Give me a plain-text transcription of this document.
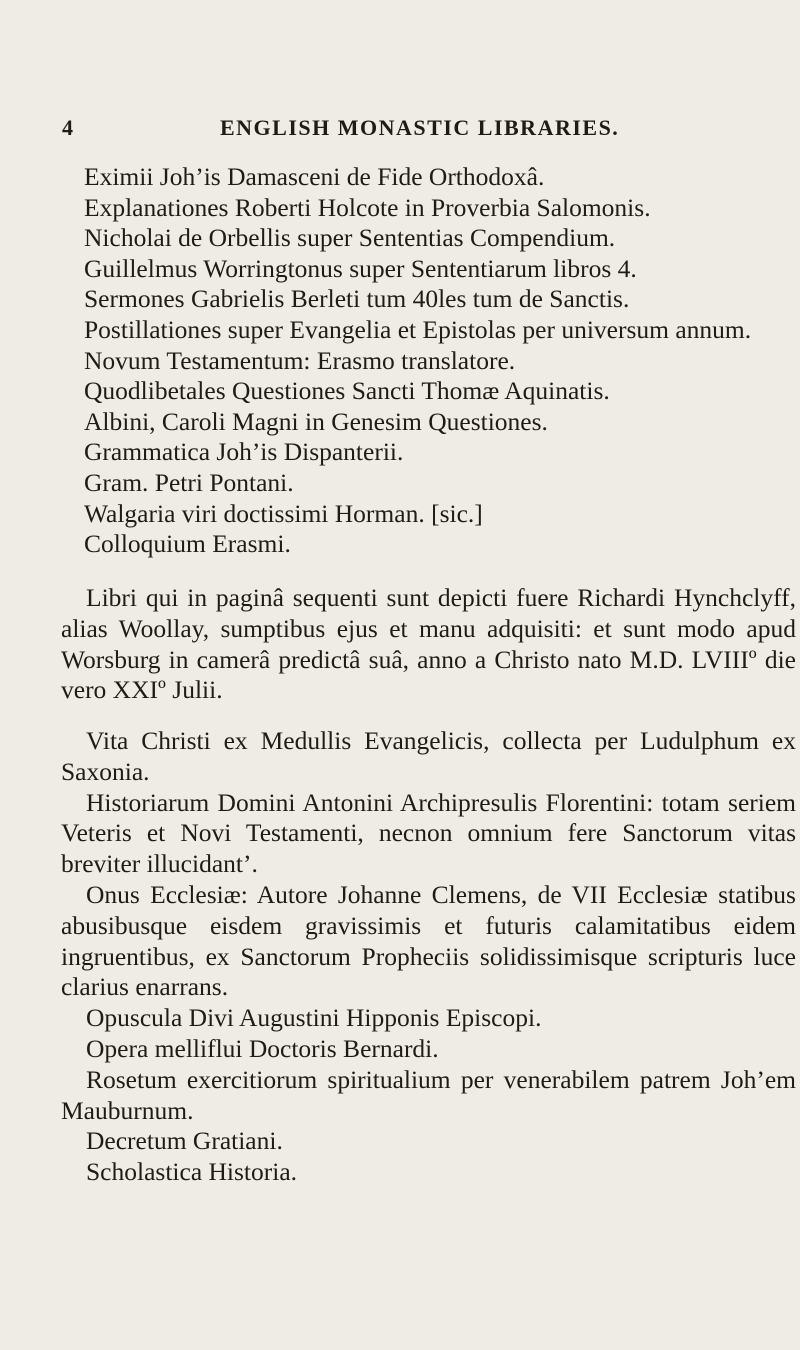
4	ENGLISH MONASTIC LIBRARIES.
Eximii Joh’is Damasceni de Fide Orthodoxâ.
Explanationes Roberti Holcote in Proverbia Salomonis.
Nicholai de Orbellis super Sententias Compendium.
Guillelmus Worringtonus super Sententiarum libros 4.
Sermones Gabrielis Berleti tum 40les tum de Sanctis.
Postillationes super Evangelia et Epistolas per universum annum.
Novum Testamentum: Erasmo translatore.
Quodlibetales Questiones Sancti Thomæ Aquinatis.
Albini, Caroli Magni in Genesim Questiones.
Grammatica Joh’is Dispanterii.
Gram. Petri Pontani.
Walgaria viri doctissimi Horman. [sic.]
Colloquium Erasmi.
Libri qui in paginâ sequenti sunt depicti fuere Richardi Hynchclyff, alias Woollay, sumptibus ejus et manu adquisiti: et sunt modo apud Worsburg in camerâ predictâ suâ, anno a Christo nato M.D. LVIIIº die vero XXIº Julii.
Vita Christi ex Medullis Evangelicis, collecta per Ludulphum ex Saxonia.
Historiarum Domini Antonini Archipresulis Florentini: totam seriem Veteris et Novi Testamenti, necnon omnium fere Sanctorum vitas breviter illucidant’.
Onus Ecclesiæ: Autore Johanne Clemens, de VII Ecclesiæ statibus abusibusque eisdem gravissimis et futuris calamitatibus eidem ingruentibus, ex Sanctorum Propheciis solidissimisque scripturis luce clarius enarrans.
Opuscula Divi Augustini Hipponis Episcopi.
Opera melliflui Doctoris Bernardi.
Rosetum exercitiorum spiritualium per venerabilem patrem Joh’em Mauburnum.
Decretum Gratiani.
Scholastica Historia.
